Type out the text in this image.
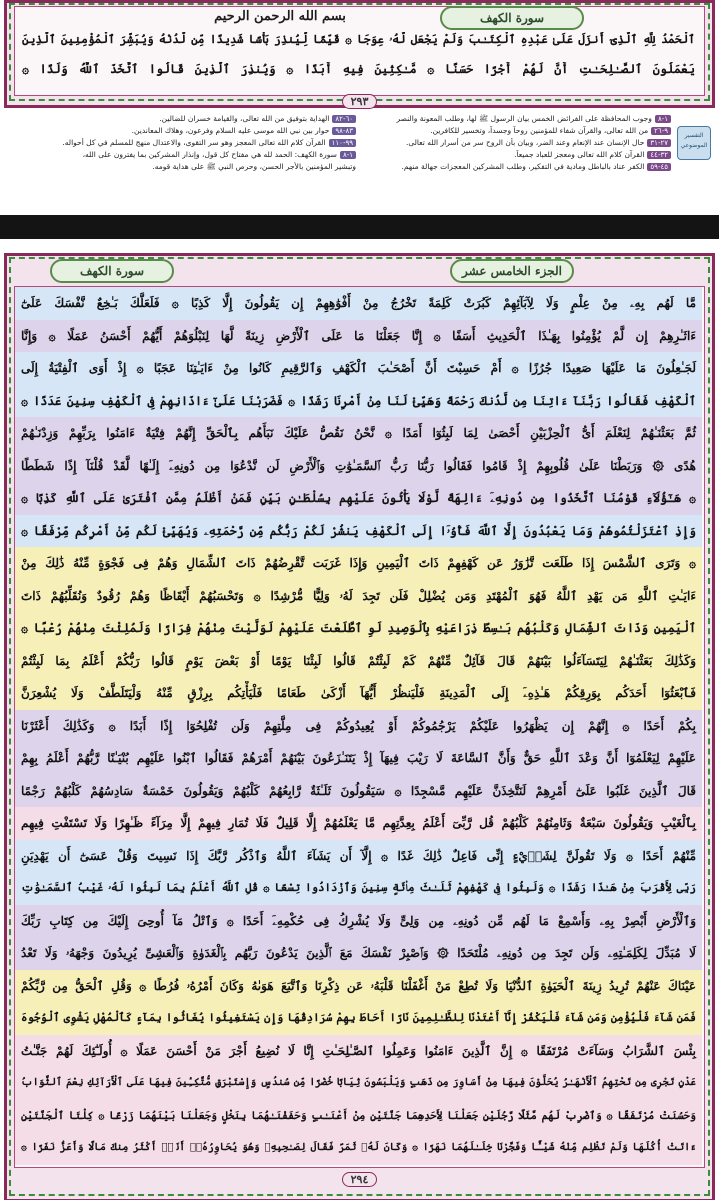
سورة الكهف
بسم الله الرحمن الرحيم
ٱلْحَمْدُ لِلَّهِ ٱلَّذِىٓ أَنزَلَ عَلَىٰ عَبْدِهِ ٱلْكِتَـٰبَ وَلَمْ يَجْعَل لَّهُۥ عِوَجَا ۞ قَيِّمًا لِّيُنذِرَ بَأْسًا شَدِيدًا مِّن لَّدُنْهُ وَيُبَشِّرَ ٱلْمُؤْمِنِينَ ٱلَّذِينَ
يَعْمَلُونَ ٱلصَّـٰلِحَـٰتِ أَنَّ لَهُمْ أَجْرًا حَسَنًا ۞ مَّـٰكِثِينَ فِيهِ أَبَدًا ۞ وَيُنذِرَ ٱلَّذِينَ قَالُوا ٱتَّخَذَ ٱللَّهُ وَلَدًا ۞
٢٩٣
التفسير الموضوعي
١-٨وجوب المحافظة على الفرائض الخمس بيان الرسول ﷺ لها، وطلب المعونة والنصر
٩-٢٦من الله تعالى، والقرآن شفاء للمؤمنين روحاً وجسداً، وتخسير للكافرين.
٢٧-٣١حال الإنسان عند الإنعام وعند الضر، وبيان بأن الروح سر من أسرار الله تعالى.
٣٢-٤٤القرآن كلام الله تعالى ومعجز للعباد جميعاً.
٤٥-٥٩الكفر عناد بالباطل ومادية في التفكير، وطلب المشركين المعجزات جهالة منهم.
٦٠-٨٢الهداية بتوفيق من الله تعالى، والقيامة خسران للضالين.
٨٣-٩٨حوار بين نبي الله موسى عليه السلام وفرعون، وهلاك المعاندين.
٩٩-١١٠القرآن كلام الله تعالى المعجز وهو سر التقوى، والاعتدال منهج للمسلم في كل أحواله.
١-٨سورة الكهف: الحمد لله هي مفتاح كل قول، وإنذار المشركين بما يفترون على الله،
وتبشير المؤمنين بالأجر الحسن، وحرص النبي ﷺ على هداية قومه.
الجزء الخامس عشر
سورة الكهف
مَّا لَهُم بِهِۦ مِنْ عِلْمٍ وَلَا لِآبَآئِهِمْ كَبُرَتْ كَلِمَةً تَخْرُجُ مِنْ أَفْوَٰهِهِمْ إِن يَقُولُونَ إِلَّا كَذِبًا ۞ فَلَعَلَّكَ بَـٰخِعٌ نَّفْسَكَ عَلَىٰٓ
ءَاثَـٰرِهِمْ إِن لَّمْ يُؤْمِنُوا بِهَـٰذَا ٱلْحَدِيثِ أَسَفًا ۞ إِنَّا جَعَلْنَا مَا عَلَى ٱلْأَرْضِ زِينَةً لَّهَا لِنَبْلُوَهُمْ أَيُّهُمْ أَحْسَنُ عَمَلًا ۞ وَإِنَّا
لَجَـٰعِلُونَ مَا عَلَيْهَا صَعِيدًا جُرُزًا ۞ أَمْ حَسِبْتَ أَنَّ أَصْحَـٰبَ ٱلْكَهْفِ وَٱلرَّقِيمِ كَانُوا مِنْ ءَايَـٰتِنَا عَجَبًا ۞ إِذْ أَوَى ٱلْفِتْيَةُ إِلَى
ٱلْكَهْفِ فَقَالُوا رَبَّنَآ ءَاتِنَا مِن لَّدُنكَ رَحْمَةً وَهَيِّئْ لَنَا مِنْ أَمْرِنَا رَشَدًا ۞ فَضَرَبْنَا عَلَىٰٓ ءَاذَانِهِمْ فِى ٱلْكَهْفِ سِنِينَ عَدَدًا ۞
ثُمَّ بَعَثْنَـٰهُمْ لِنَعْلَمَ أَىُّ ٱلْحِزْبَيْنِ أَحْصَىٰ لِمَا لَبِثُوٓا أَمَدًا ۞ نَّحْنُ نَقُصُّ عَلَيْكَ نَبَأَهُم بِٱلْحَقِّ إِنَّهُمْ فِتْيَةٌ ءَامَنُوا بِرَبِّهِمْ وَزِدْنَـٰهُمْ
هُدًى ۞ وَرَبَطْنَا عَلَىٰ قُلُوبِهِمْ إِذْ قَامُوا فَقَالُوا رَبُّنَا رَبُّ ٱلسَّمَـٰوَٰتِ وَٱلْأَرْضِ لَن نَّدْعُوَا مِن دُونِهِۦٓ إِلَـٰهًا لَّقَدْ قُلْنَآ إِذًا شَطَطًا
۞ هَـٰٓؤُلَآءِ قَوْمُنَا ٱتَّخَذُوا مِن دُونِهِۦٓ ءَالِهَةً لَّوْلَا يَأْتُونَ عَلَيْهِم بِسُلْطَـٰنٍ بَيِّنٍ فَمَنْ أَظْلَمُ مِمَّنِ ٱفْتَرَىٰ عَلَى ٱللَّهِ كَذِبًا ۞
وَإِذِ ٱعْتَزَلْتُمُوهُمْ وَمَا يَعْبُدُونَ إِلَّا ٱللَّهَ فَأْوُۥٓا إِلَى ٱلْكَهْفِ يَنشُرْ لَكُمْ رَبُّكُم مِّن رَّحْمَتِهِۦ وَيُهَيِّئْ لَكُم مِّنْ أَمْرِكُم مِّرْفَقًا ۞
۞ وَتَرَى ٱلشَّمْسَ إِذَا طَلَعَت تَّزَٰوَرُ عَن كَهْفِهِمْ ذَاتَ ٱلْيَمِينِ وَإِذَا غَرَبَت تَّقْرِضُهُمْ ذَاتَ ٱلشِّمَالِ وَهُمْ فِى فَجْوَةٍ مِّنْهُ ذَٰلِكَ مِنْ
ءَايَـٰتِ ٱللَّهِ مَن يَهْدِ ٱللَّهُ فَهُوَ ٱلْمُهْتَدِ وَمَن يُضْلِلْ فَلَن تَجِدَ لَهُۥ وَلِيًّا مُّرْشِدًا ۞ وَتَحْسَبُهُمْ أَيْقَاظًا وَهُمْ رُقُودٌ وَنُقَلِّبُهُمْ ذَاتَ
ٱلْيَمِينِ وَذَاتَ ٱلشِّمَالِ وَكَلْبُهُم بَـٰسِطٌ ذِرَاعَيْهِ بِٱلْوَصِيدِ لَوِ ٱطَّلَعْتَ عَلَيْهِمْ لَوَلَّيْتَ مِنْهُمْ فِرَارًا وَلَمُلِئْتَ مِنْهُمْ رُعْبًا ۞
وَكَذَٰلِكَ بَعَثْنَـٰهُمْ لِيَتَسَآءَلُوا بَيْنَهُمْ قَالَ قَآئِلٌ مِّنْهُمْ كَمْ لَبِثْتُمْ قَالُوا لَبِثْنَا يَوْمًا أَوْ بَعْضَ يَوْمٍ قَالُوا رَبُّكُمْ أَعْلَمُ بِمَا لَبِثْتُمْ
فَٱبْعَثُوٓا أَحَدَكُم بِوَرِقِكُمْ هَـٰذِهِۦٓ إِلَى ٱلْمَدِينَةِ فَلْيَنظُرْ أَيُّهَآ أَزْكَىٰ طَعَامًا فَلْيَأْتِكُم بِرِزْقٍ مِّنْهُ وَلْيَتَلَطَّفْ وَلَا يُشْعِرَنَّ
بِكُمْ أَحَدًا ۞ إِنَّهُمْ إِن يَظْهَرُوا عَلَيْكُمْ يَرْجُمُوكُمْ أَوْ يُعِيدُوكُمْ فِى مِلَّتِهِمْ وَلَن تُفْلِحُوٓا إِذًا أَبَدًا ۞ وَكَذَٰلِكَ أَعْثَرْنَا
عَلَيْهِمْ لِيَعْلَمُوٓا أَنَّ وَعْدَ ٱللَّهِ حَقٌّ وَأَنَّ ٱلسَّاعَةَ لَا رَيْبَ فِيهَآ إِذْ يَتَنَـٰزَعُونَ بَيْنَهُمْ أَمْرَهُمْ فَقَالُوا ٱبْنُوا عَلَيْهِم بُنْيَـٰنًا رَّبُّهُمْ أَعْلَمُ بِهِمْ
قَالَ ٱلَّذِينَ غَلَبُوا عَلَىٰٓ أَمْرِهِمْ لَنَتَّخِذَنَّ عَلَيْهِم مَّسْجِدًا ۞ سَيَقُولُونَ ثَلَـٰثَةٌ رَّابِعُهُمْ كَلْبُهُمْ وَيَقُولُونَ خَمْسَةٌ سَادِسُهُمْ كَلْبُهُمْ رَجْمًا
بِٱلْغَيْبِ وَيَقُولُونَ سَبْعَةٌ وَثَامِنُهُمْ كَلْبُهُمْ قُل رَّبِّىٓ أَعْلَمُ بِعِدَّتِهِم مَّا يَعْلَمُهُمْ إِلَّا قَلِيلٌ فَلَا تُمَارِ فِيهِمْ إِلَّا مِرَآءً ظَـٰهِرًا وَلَا تَسْتَفْتِ فِيهِم
مِّنْهُمْ أَحَدًا ۞ وَلَا تَقُولَنَّ لِشَا۟يْءٍ إِنِّى فَاعِلٌ ذَٰلِكَ غَدًا ۞ إِلَّآ أَن يَشَآءَ ٱللَّهُ وَٱذْكُر رَّبَّكَ إِذَا نَسِيتَ وَقُلْ عَسَىٰٓ أَن يَهْدِيَنِ
رَبِّى لِأَقْرَبَ مِنْ هَـٰذَا رَشَدًا ۞ وَلَبِثُوا فِى كَهْفِهِمْ ثَلَـٰثَ مِا۟ئَةٍ سِنِينَ وَٱزْدَادُوا تِسْعًا ۞ قُلِ ٱللَّهُ أَعْلَمُ بِمَا لَبِثُوا لَهُۥ غَيْبُ ٱلسَّمَـٰوَٰتِ
وَٱلْأَرْضِ أَبْصِرْ بِهِۦ وَأَسْمِعْ مَا لَهُم مِّن دُونِهِۦ مِن وَلِىٍّ وَلَا يُشْرِكُ فِى حُكْمِهِۦٓ أَحَدًا ۞ وَٱتْلُ مَآ أُوحِىَ إِلَيْكَ مِن كِتَابِ رَبِّكَ
لَا مُبَدِّلَ لِكَلِمَـٰتِهِۦ وَلَن تَجِدَ مِن دُونِهِۦ مُلْتَحَدًا ۞ وَٱصْبِرْ نَفْسَكَ مَعَ ٱلَّذِينَ يَدْعُونَ رَبَّهُم بِٱلْغَدَوٰةِ وَٱلْعَشِىِّ يُرِيدُونَ وَجْهَهُۥ وَلَا تَعْدُ
عَيْنَاكَ عَنْهُمْ تُرِيدُ زِينَةَ ٱلْحَيَوٰةِ ٱلدُّنْيَا وَلَا تُطِعْ مَنْ أَغْفَلْنَا قَلْبَهُۥ عَن ذِكْرِنَا وَٱتَّبَعَ هَوَىٰهُ وَكَانَ أَمْرُهُۥ فُرُطًا ۞ وَقُلِ ٱلْحَقُّ مِن رَّبِّكُمْ
فَمَن شَآءَ فَلْيُؤْمِن وَمَن شَآءَ فَلْيَكْفُرْ إِنَّآ أَعْتَدْنَا لِلظَّـٰلِمِينَ نَارًا أَحَاطَ بِهِمْ سُرَادِقُهَا وَإِن يَسْتَغِيثُوا يُغَاثُوا بِمَآءٍ كَٱلْمُهْلِ يَشْوِى ٱلْوُجُوهَ
بِئْسَ ٱلشَّرَابُ وَسَآءَتْ مُرْتَفَقًا ۞ إِنَّ ٱلَّذِينَ ءَامَنُوا وَعَمِلُوا ٱلصَّـٰلِحَـٰتِ إِنَّا لَا نُضِيعُ أَجْرَ مَنْ أَحْسَنَ عَمَلًا ۞ أُولَـٰٓئِكَ لَهُمْ جَنَّـٰتُ
عَدْنٍ تَجْرِى مِن تَحْتِهِمُ ٱلْأَنْهَـٰرُ يُحَلَّوْنَ فِيهَا مِنْ أَسَاوِرَ مِن ذَهَبٍ وَيَلْبَسُونَ ثِيَابًا خُضْرًا مِّن سُندُسٍ وَإِسْتَبْرَقٍ مُّتَّكِـِٔينَ فِيهَا عَلَى ٱلْأَرَآئِكِ نِعْمَ ٱلثَّوَابُ
وَحَسُنَتْ مُرْتَفَقًا ۞ وَٱضْرِبْ لَهُم مَّثَلًا رَّجُلَيْنِ جَعَلْنَا لِأَحَدِهِمَا جَنَّتَيْنِ مِنْ أَعْنَـٰبٍ وَحَفَفْنَـٰهُمَا بِنَخْلٍ وَجَعَلْنَا بَيْنَهُمَا زَرْعًا ۞ كِلْتَا ٱلْجَنَّتَيْنِ
ءَاتَتْ أُكُلَهَا وَلَمْ تَظْلِم مِّنْهُ شَيْـًٔا وَفَجَّرْنَا خِلَـٰلَهُمَا نَهَرًا ۞ وَكَانَ لَهُۥ ثَمَرٌ فَقَالَ لِصَـٰحِبِهِۦ وَهُوَ يُحَاوِرُهُۥٓ أَنَا۠ أَكْثَرُ مِنكَ مَالًا وَأَعَزُّ نَفَرًا ۞
٢٩٤
